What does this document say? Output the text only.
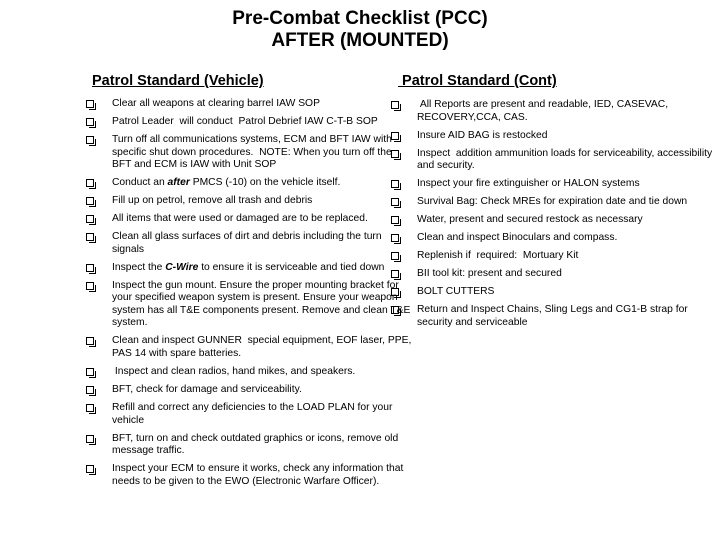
Pre-Combat Checklist (PCC)
AFTER (MOUNTED)
Patrol Standard (Vehicle)
Clear all weapons at clearing barrel IAW SOP
Patrol Leader  will conduct  Patrol Debrief IAW C-T-B SOP
Turn off all communications systems, ECM and BFT IAW with specific shut down procedures.  NOTE: When you turn off the  BFT and ECM is IAW with Unit SOP
Conduct an after PMCS (-10) on the vehicle itself.
Fill up on petrol, remove all trash and debris
All items that were used or damaged are to be replaced.
Clean all glass surfaces of dirt and debris including the turn signals
Inspect the C-Wire to ensure it is serviceable and tied down
Inspect the gun mount. Ensure the proper mounting bracket for  your specified weapon system is present. Ensure your weapon system has all T&E components present. Remove and clean T&E system.
Clean and inspect GUNNER  special equipment, EOF laser, PPE, PAS 14 with spare batteries.
Inspect and clean radios, hand mikes, and speakers.
BFT, check for damage and serviceability.
Refill and correct any deficiencies to the LOAD PLAN for your vehicle
BFT, turn on and check outdated graphics or icons, remove old message traffic.
Inspect your ECM to ensure it works, check any information that needs to be given to the EWO (Electronic Warfare Officer).
Patrol Standard (Cont)
All Reports are present and readable, IED, CASEVAC, RECOVERY,CCA, CAS.
Insure AID BAG is restocked
Inspect  addition ammunition loads for serviceability, accessibility and security.
Inspect your fire extinguisher or HALON systems
Survival Bag: Check MREs for expiration date and tie down
Water, present and secured restock as necessary
Clean and inspect Binoculars and compass.
Replenish if  required:  Mortuary Kit
BII tool kit: present and secured
BOLT CUTTERS
Return and Inspect Chains, Sling Legs and CG1-B strap for security and serviceable
